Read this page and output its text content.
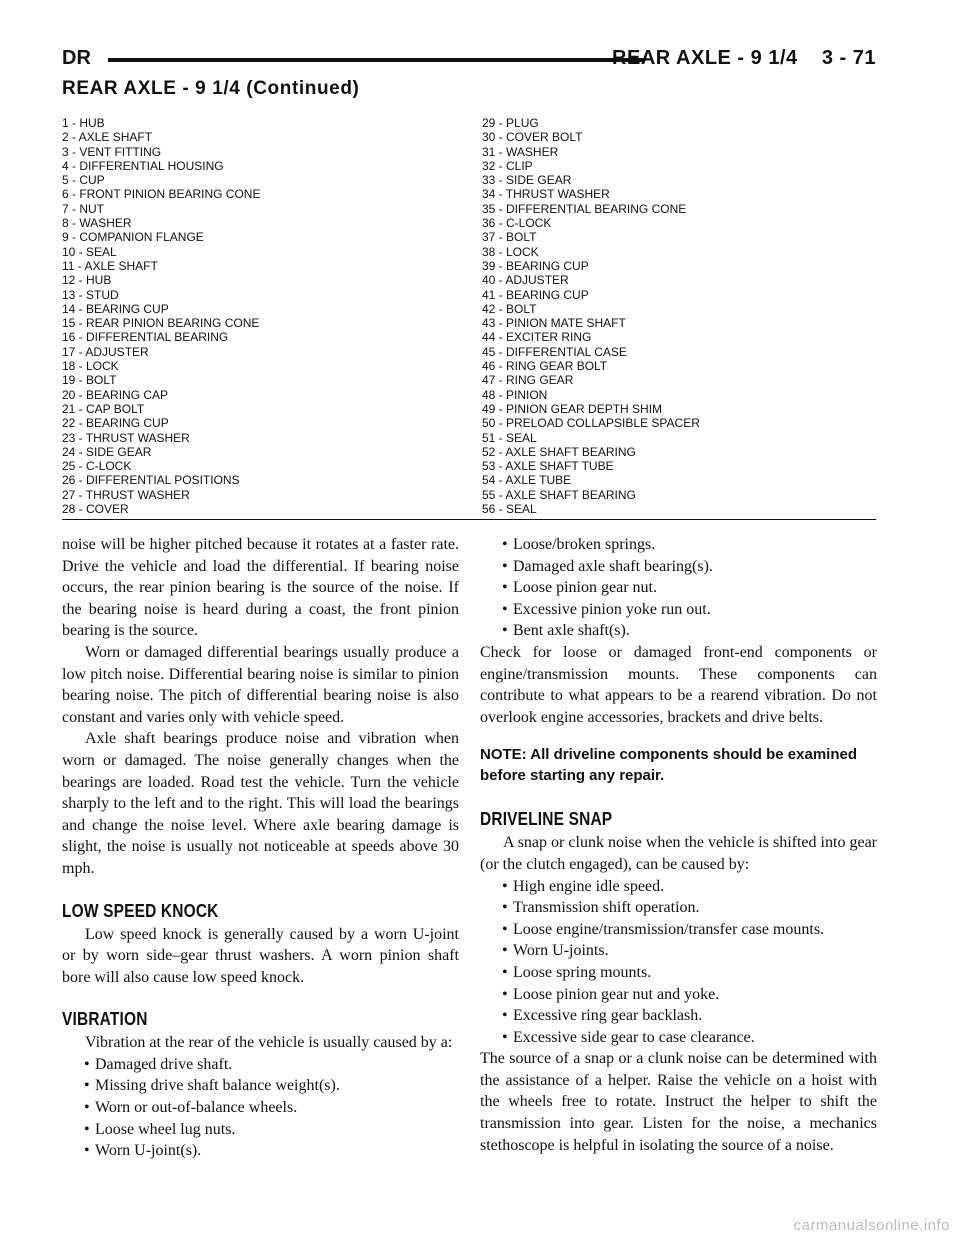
DR	REAR AXLE - 9 1/4    3 - 71
REAR AXLE - 9 1/4 (Continued)
1 - HUB
2 - AXLE SHAFT
3 - VENT FITTING
4 - DIFFERENTIAL HOUSING
5 - CUP
6 - FRONT PINION BEARING CONE
7 - NUT
8 - WASHER
9 - COMPANION FLANGE
10 - SEAL
11 - AXLE SHAFT
12 - HUB
13 - STUD
14 - BEARING CUP
15 - REAR PINION BEARING CONE
16 - DIFFERENTIAL BEARING
17 - ADJUSTER
18 - LOCK
19 - BOLT
20 - BEARING CAP
21 - CAP BOLT
22 - BEARING CUP
23 - THRUST WASHER
24 - SIDE GEAR
25 - C-LOCK
26 - DIFFERENTIAL POSITIONS
27 - THRUST WASHER
28 - COVER
29 - PLUG
30 - COVER BOLT
31 - WASHER
32 - CLIP
33 - SIDE GEAR
34 - THRUST WASHER
35 - DIFFERENTIAL BEARING CONE
36 - C-LOCK
37 - BOLT
38 - LOCK
39 - BEARING CUP
40 - ADJUSTER
41 - BEARING CUP
42 - BOLT
43 - PINION MATE SHAFT
44 - EXCITER RING
45 - DIFFERENTIAL CASE
46 - RING GEAR BOLT
47 - RING GEAR
48 - PINION
49 - PINION GEAR DEPTH SHIM
50 - PRELOAD COLLAPSIBLE SPACER
51 - SEAL
52 - AXLE SHAFT BEARING
53 - AXLE SHAFT TUBE
54 - AXLE TUBE
55 - AXLE SHAFT BEARING
56 - SEAL

noise will be higher pitched because it rotates at a faster rate. Drive the vehicle and load the differential. If bearing noise occurs, the rear pinion bearing is the source of the noise. If the bearing noise is heard during a coast, the front pinion bearing is the source.

Worn or damaged differential bearings usually produce a low pitch noise. Differential bearing noise is similar to pinion bearing noise. The pitch of differential bearing noise is also constant and varies only with vehicle speed.

Axle shaft bearings produce noise and vibration when worn or damaged. The noise generally changes when the bearings are loaded. Road test the vehicle. Turn the vehicle sharply to the left and to the right. This will load the bearings and change the noise level. Where axle bearing damage is slight, the noise is usually not noticeable at speeds above 30 mph.

LOW SPEED KNOCK

Low speed knock is generally caused by a worn U-joint or by worn side–gear thrust washers. A worn pinion shaft bore will also cause low speed knock.

VIBRATION

Vibration at the rear of the vehicle is usually caused by a:

• Damaged drive shaft.
• Missing drive shaft balance weight(s).
• Worn or out-of-balance wheels.
• Loose wheel lug nuts.
• Worn U-joint(s).
• Loose/broken springs.
• Damaged axle shaft bearing(s).
• Loose pinion gear nut.
• Excessive pinion yoke run out.
• Bent axle shaft(s).

Check for loose or damaged front-end components or engine/transmission mounts. These components can contribute to what appears to be a rearend vibration. Do not overlook engine accessories, brackets and drive belts.

NOTE: All driveline components should be examined before starting any repair.

DRIVELINE SNAP

A snap or clunk noise when the vehicle is shifted into gear (or the clutch engaged), can be caused by:

• High engine idle speed.
• Transmission shift operation.
• Loose engine/transmission/transfer case mounts.
• Worn U-joints.
• Loose spring mounts.
• Loose pinion gear nut and yoke.
• Excessive ring gear backlash.
• Excessive side gear to case clearance.

The source of a snap or a clunk noise can be determined with the assistance of a helper. Raise the vehicle on a hoist with the wheels free to rotate. Instruct the helper to shift the transmission into gear. Listen for the noise, a mechanics stethoscope is helpful in isolating the source of a noise.

carmanualsonline.info
